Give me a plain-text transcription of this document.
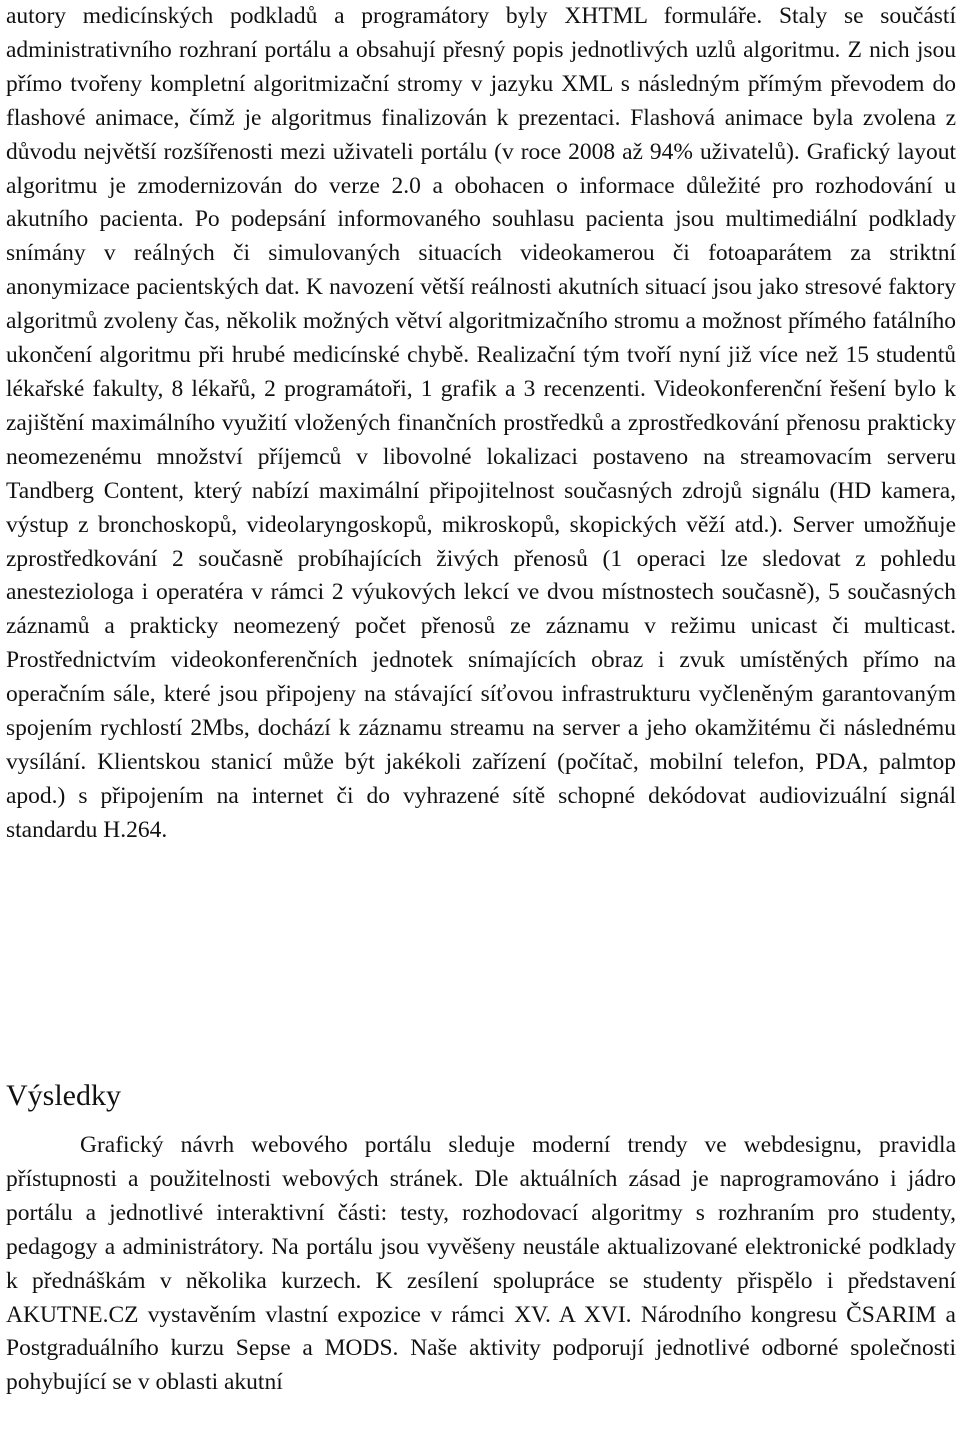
autory medicínských podkladů a programátory byly XHTML formuláře. Staly se součástí administrativního rozhraní portálu a obsahují přesný popis jednotlivých uzlů algoritmu. Z nich jsou přímo tvořeny kompletní algoritmizační stromy v jazyku XML s následným přímým převodem do flashové animace, čímž je algoritmus finalizován k prezentaci. Flashová animace byla zvolena z důvodu největší rozšířenosti mezi uživateli portálu (v roce 2008 až 94% uživatelů). Grafický layout algoritmu je zmodernizován do verze 2.0 a obohacen o informace důležité pro rozhodování u akutního pacienta. Po podepsání informovaného souhlasu pacienta jsou multimediální podklady snímány v reálných či simulovaných situacích videokamerou či fotoaparátem za striktní anonymizace pacientských dat. K navození větší reálnosti akutních situací jsou jako stresové faktory algoritmů zvoleny čas, několik možných větví algoritmizačního stromu a možnost přímého fatálního ukončení algoritmu při hrubé medicínské chybě. Realizační tým tvoří nyní již více než 15 studentů lékařské fakulty, 8 lékařů, 2 programátoři, 1 grafik a 3 recenzenti. Videokonferenční řešení bylo k zajištění maximálního využití vložených finančních prostředků a zprostředkování přenosu prakticky neomezenému množství příjemců v libovolné lokalizaci postaveno na streamovacím serveru Tandberg Content, který nabízí maximální připojitelnost současných zdrojů signálu (HD kamera, výstup z bronchoskopů, videolaryngoskopů, mikroskopů, skopických věží atd.). Server umožňuje zprostředkování 2 současně probíhajících živých přenosů (1 operaci lze sledovat z pohledu anesteziologa i operatéra v rámci 2 výukových lekcí ve dvou místnostech současně), 5 současných záznamů a prakticky neomezený počet přenosů ze záznamu v režimu unicast či multicast. Prostřednictvím videokonferenčních jednotek snímajících obraz i zvuk umístěných přímo na operačním sále, které jsou připojeny na stávající síťovou infrastrukturu vyčleněným garantovaným spojením rychlostí 2Mbs, dochází k záznamu streamu na server a jeho okamžitému či následnému vysílání. Klientskou stanicí může být jakékoli zařízení (počítač, mobilní telefon, PDA, palmtop apod.) s připojením na internet či do vyhrazené sítě schopné dekódovat audiovizuální signál standardu H.264.

Výsledky

Grafický návrh webového portálu sleduje moderní trendy ve webdesignu, pravidla přístupnosti a použitelnosti webových stránek. Dle aktuálních zásad je naprogramováno i jádro portálu a jednotlivé interaktivní části: testy, rozhodovací algoritmy s rozhraním pro studenty, pedagogy a administrátory. Na portálu jsou vyvěšeny neustále aktualizované elektronické podklady k přednáškám v několika kurzech. K zesílení spolupráce se studenty přispělo i představení AKUTNE.CZ vystavěním vlastní expozice v rámci XV. A XVI. Národního kongresu ČSARIM a Postgraduálního kurzu Sepse a MODS. Naše aktivity podporují jednotlivé odborné společnosti pohybující se v oblasti akutní
